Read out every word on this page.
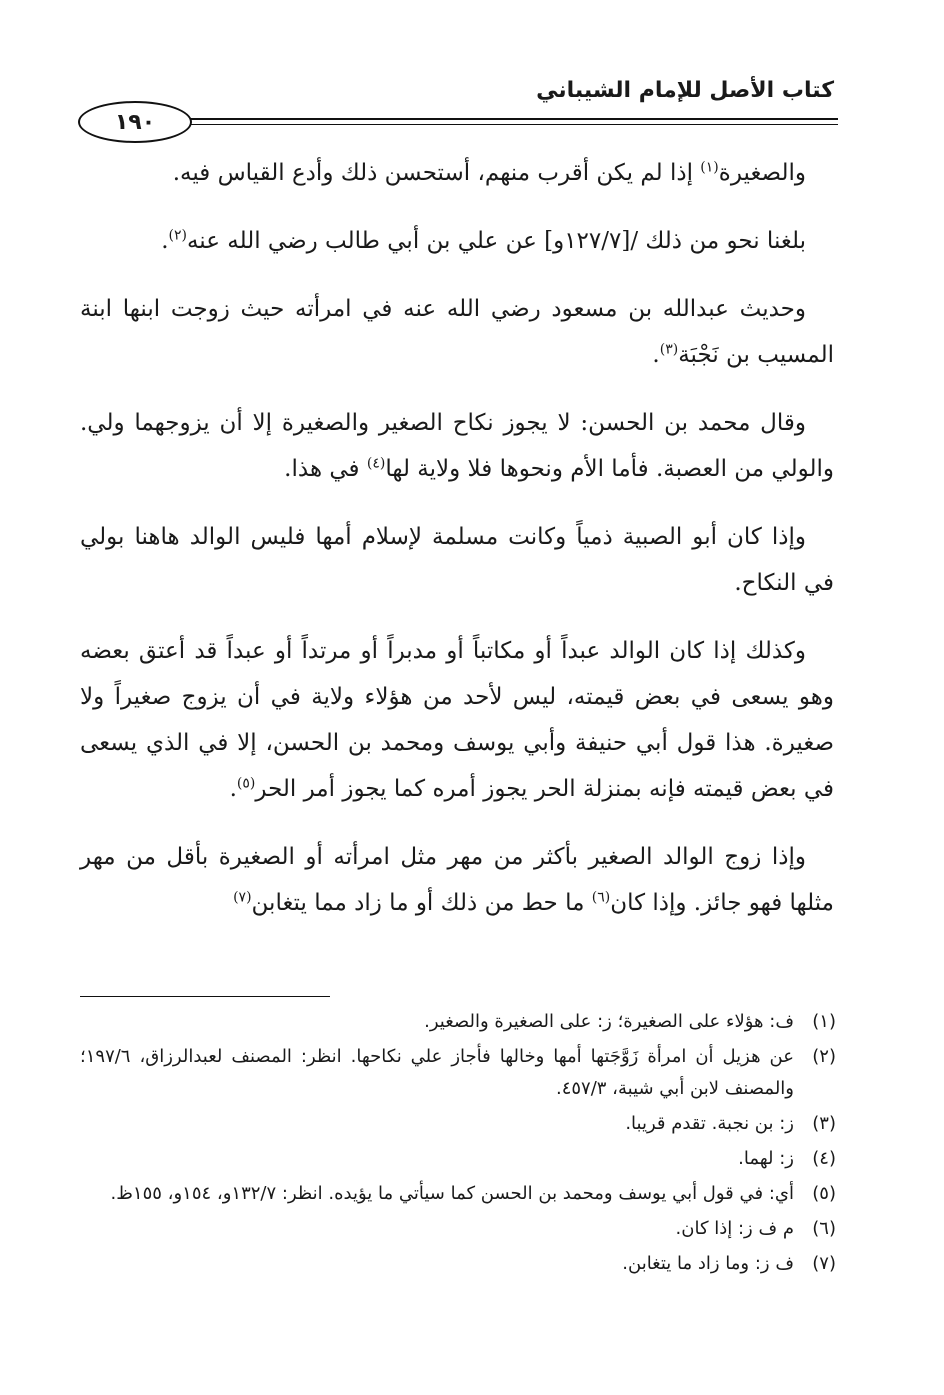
كتاب الأصل للإمام الشيباني
١٩٠

والصغيرة$^{(١)}$ إذا لم يكن أقرب منهم، أستحسن ذلك وأدع القياس فيه.

بلغنا نحو من ذلك /[١٢٧/٧و] عن علي بن أبي طالب رضي الله عنه$^{(٢)}$.

وحديث عبدالله بن مسعود رضي الله عنه في امرأته حيث زوجت ابنها ابنة المسيب بن نَجْبَة$^{(٣)}$.

وقال محمد بن الحسن: لا يجوز نكاح الصغير والصغيرة إلا أن يزوجهما ولي. والولي من العصبة. فأما الأم ونحوها فلا ولاية لها$^{(٤)}$ في هذا.

وإذا كان أبو الصبية ذمياً وكانت مسلمة لإسلام أمها فليس الوالد هاهنا بولي في النكاح.

وكذلك إذا كان الوالد عبداً أو مكاتباً أو مدبراً أو مرتداً أو عبداً قد أعتق بعضه وهو يسعى في بعض قيمته، ليس لأحد من هؤلاء ولاية في أن يزوج صغيراً ولا صغيرة. هذا قول أبي حنيفة وأبي يوسف ومحمد بن الحسن، إلا في الذي يسعى في بعض قيمته فإنه بمنزلة الحر يجوز أمره كما يجوز أمر الحر$^{(٥)}$.

وإذا زوج الوالد الصغير بأكثر من مهر مثل امرأته أو الصغيرة بأقل من مهر مثلها فهو جائز. وإذا كان$^{(٦)}$ ما حط من ذلك أو ما زاد مما يتغابن$^{(٧)}$

(١)
ف: هؤلاء على الصغيرة؛ ز: على الصغيرة والصغير.
(٢)
عن هزيل أن امرأة زَوَّجَتها أمها وخالها فأجاز علي نكاحها. انظر: المصنف لعبدالرزاق، ١٩٧/٦؛ والمصنف لابن أبي شيبة، ٤٥٧/٣.
(٣)
ز: بن نجبة. تقدم قريبا.
(٤)
ز: لهما.
(٥)
أي: في قول أبي يوسف ومحمد بن الحسن كما سيأتي ما يؤيده. انظر: ١٣٢/٧و، ١٥٤و، ١٥٥ظ.
(٦)
م ف ز: إذا كان.
(٧)
ف ز: وما زاد ما يتغابن.
